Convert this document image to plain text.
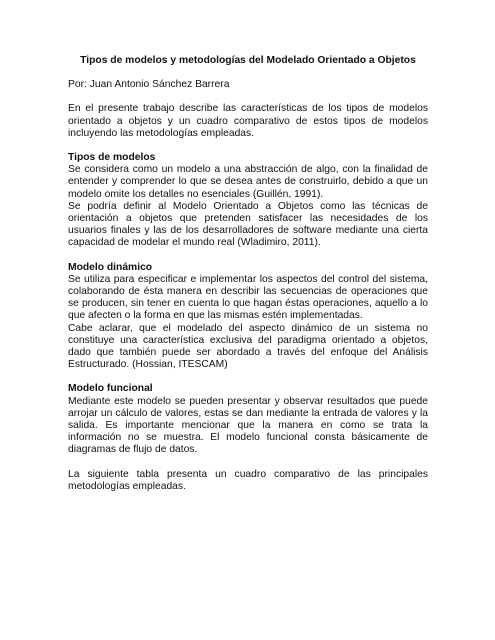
Tipos de modelos y metodologías del Modelado Orientado a Objetos

Por: Juan Antonio Sánchez Barrera

En el presente trabajo describe las características de los tipos de modelos orientado a objetos y un cuadro comparativo de estos tipos de modelos incluyendo las metodologías empleadas.

Tipos de modelos

Se considera como un modelo a una abstracción de algo, con la finalidad de entender y comprender lo que se desea antes de construirlo, debido a que un modelo omite los detalles no esenciales (Guillén, 1991).

Se podría definir al Modelo Orientado a Objetos como las técnicas de orientación a objetos que pretenden satisfacer las necesidades de los usuarios finales y las de los desarrolladores de software mediante una cierta capacidad de modelar el mundo real (Wladimiro, 2011).

Modelo dinámico

Se utiliza para especificar e implementar los aspectos del control del sistema, colaborando de ésta manera en describir las secuencias de operaciones que se producen, sin tener en cuenta lo que hagan éstas operaciones, aquello a lo que afecten o la forma en que las mismas estén implementadas.

Cabe aclarar, que el modelado del aspecto dinámico de un sistema no constituye una característica exclusiva del paradigma orientado a objetos, dado que también puede ser abordado a través del enfoque del Análisis Estructurado. (Hossian, ITESCAM)

Modelo funcional

Mediante este modelo se pueden presentar y observar resultados que puede arrojar un cálculo de valores, estas se dan mediante la entrada de valores y la salida. Es importante mencionar que la manera en como se trata la información no se muestra. El modelo funcional consta básicamente de diagramas de flujo de datos.

La siguiente tabla presenta un cuadro comparativo de las principales metodologías empleadas.
